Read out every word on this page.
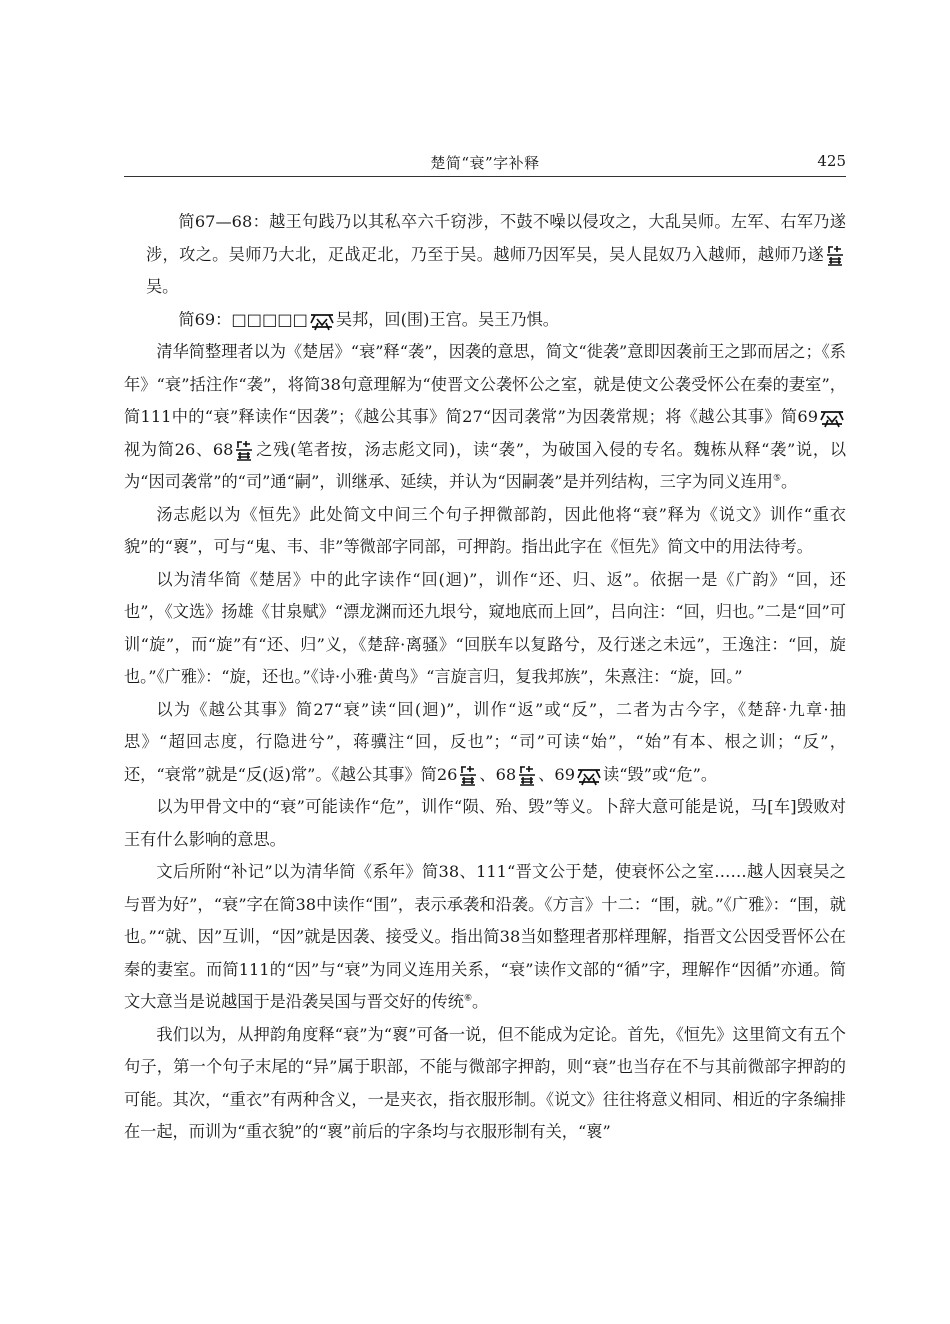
楚简“衰”字补释	425

简67—68：越王句践乃以其私卒六千窃涉，不鼓不噪以侵攻之，大乱吴师。左军、右军乃遂涉，攻之。吴师乃大北，疋战疋北，乃至于吴。越师乃因军吴，吴人昆奴乃入越师，越师乃遂
吴。

简69：□□□□□ 吴邦，回(围)王宫。吴王乃惧。

清华简整理者以为《楚居》“衰”释“袭”，因袭的意思，简文“徙袭”意即因袭前王之郢而居之；《系年》“衰”括注作“袭”，将简38句意理解为“使晋文公袭怀公之室，就是使文公袭受怀公在秦的妻室”，简111中的“衰”释读作“因袭”；《越公其事》简27“因司袭常”为因袭常规；将《越公其事》简69
视为简26、68 之残(笔者按，汤志彪文同)，读“袭”，为破国入侵的专名。魏栋从释“袭”说，以为“因司袭常”的“司”通“嗣”，训继承、延续，并认为“因嗣袭”是并列结构，三字为同义连用⑤。

汤志彪以为《恒先》此处简文中间三个句子押微部韵，因此他将“衰”释为《说文》训作“重衣貌”的“褱”，可与“鬼、韦、非”等微部字同部，可押韵。指出此字在《恒先》简文中的用法待考。

以为清华简《楚居》中的此字读作“回(迴)”，训作“还、归、返”。依据一是《广韵》“回，还也”，《文选》扬雄《甘泉赋》“漂龙渊而还九垠兮，窥地底而上回”，吕向注：“回，归也。”二是“回”可训“旋”，而“旋”有“还、归”义，《楚辞·离骚》“回朕车以复路兮，及行迷之未远”，王逸注：“回，旋也。”《广雅》：“旋，还也。”《诗·小雅·黄鸟》“言旋言归，复我邦族”，朱熹注：“旋，回。”

以为《越公其事》简27“衰”读“回(迴)”，训作“返”或“反”，二者为古今字，《楚辞·九章·抽思》“超回志度，行隐进兮”，蒋骥注“回，反也”；“司”可读“始”，“始”有本、根之训；“反”，还，“衰常”就是“反(返)常”。《越公其事》简26 、68 、69 读“毁”或“危”。

以为甲骨文中的“衰”可能读作“危”，训作“陨、殆、毁”等义。卜辞大意可能是说，马[车]毁败对王有什么影响的意思。

文后所附“补记”以为清华简《系年》简38、111“晋文公于楚，使衰怀公之室……越人因衰吴之与晋为好”，“衰”字在简38中读作“围”，表示承袭和沿袭。《方言》十二：“围，就。”《广雅》：“围，就也。”“就、因”互训，“因”就是因袭、接受义。指出简38当如整理者那样理解，指晋文公因受晋怀公在秦的妻室。而简111的“因”与“衰”为同义连用关系，“衰”读作文部的“循”字，理解作“因循”亦通。简文大意当是说越国于是沿袭吴国与晋交好的传统⑥。

我们以为，从押韵角度释“衰”为“褱”可备一说，但不能成为定论。首先，《恒先》这里简文有五个句子，第一个句子末尾的“异”属于职部，不能与微部字押韵，则“衰”也当存在不与其前微部字押韵的可能。其次，“重衣”有两种含义，一是夹衣，指衣服形制。《说文》往往将意义相同、相近的字条编排在一起，而训为“重衣貌”的“褱”前后的字条均与衣服形制有关，“褱”
